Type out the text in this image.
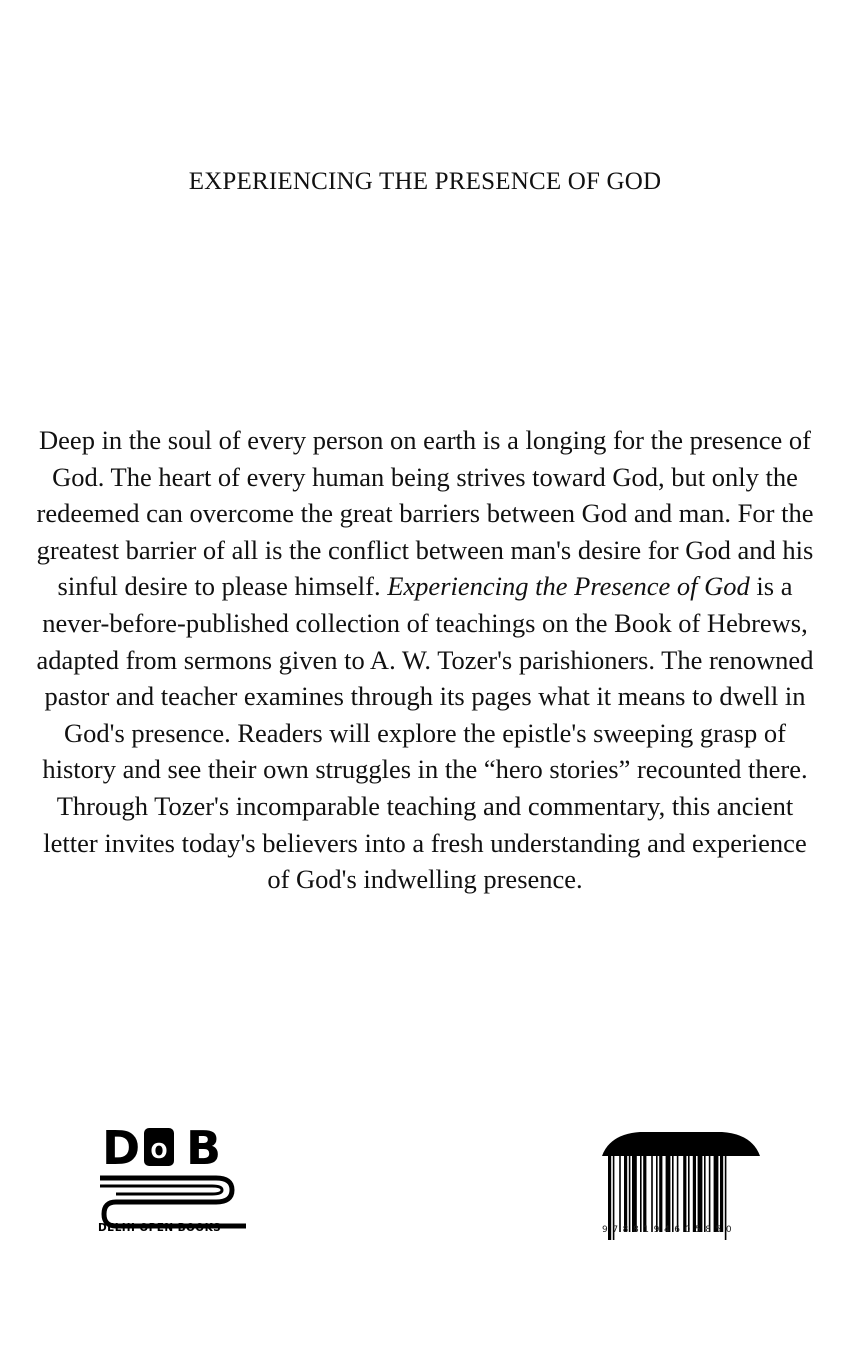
EXPERIENCING THE PRESENCE OF GOD
Deep in the soul of every person on earth is a longing for the presence of God. The heart of every human being strives toward God, but only the redeemed can overcome the great barriers between God and man. For the greatest barrier of all is the conflict between man's desire for God and his sinful desire to please himself. Experiencing the Presence of God is a never-before-published collection of teachings on the Book of Hebrews, adapted from sermons given to A. W. Tozer's parishioners. The renowned pastor and teacher examines through its pages what it means to dwell in God's presence. Readers will explore the epistle's sweeping grasp of history and see their own struggles in the “hero stories” recounted there. Through Tozer's incomparable teaching and commentary, this ancient letter invites today's believers into a fresh understanding and experience of God's indwelling presence.
D O B
DELHI OPEN BOOKS	9788194605850
